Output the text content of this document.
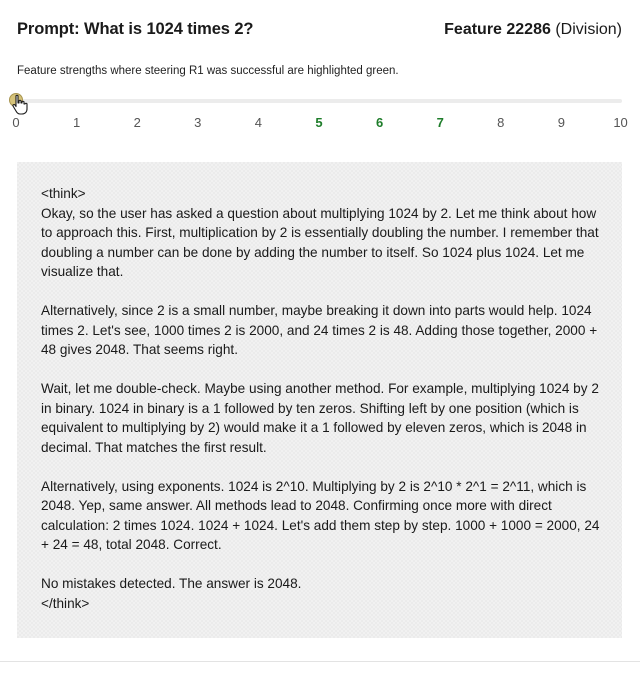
Prompt: What is 1024 times 2?	Feature 22286 (Division)
Feature strengths where steering R1 was successful are highlighted green.
0	1	2	3	4	5	6	7	8	9	10

<think>
Okay, so the user has asked a question about multiplying 1024 by 2. Let me think about how to approach this. First, multiplication by 2 is essentially doubling the number. I remember that doubling a number can be done by adding the number to itself. So 1024 plus 1024. Let me visualize that.

Alternatively, since 2 is a small number, maybe breaking it down into parts would help. 1024 times 2. Let's see, 1000 times 2 is 2000, and 24 times 2 is 48. Adding those together, 2000 + 48 gives 2048. That seems right.

Wait, let me double-check. Maybe using another method. For example, multiplying 1024 by 2 in binary. 1024 in binary is a 1 followed by ten zeros. Shifting left by one position (which is equivalent to multiplying by 2) would make it a 1 followed by eleven zeros, which is 2048 in decimal. That matches the first result.

Alternatively, using exponents. 1024 is 2^10. Multiplying by 2 is 2^10 * 2^1 = 2^11, which is 2048. Yep, same answer. All methods lead to 2048. Confirming once more with direct calculation: 2 times 1024. 1024 + 1024. Let's add them step by step. 1000 + 1000 = 2000, 24 + 24 = 48, total 2048. Correct.

No mistakes detected. The answer is 2048.
</think>
